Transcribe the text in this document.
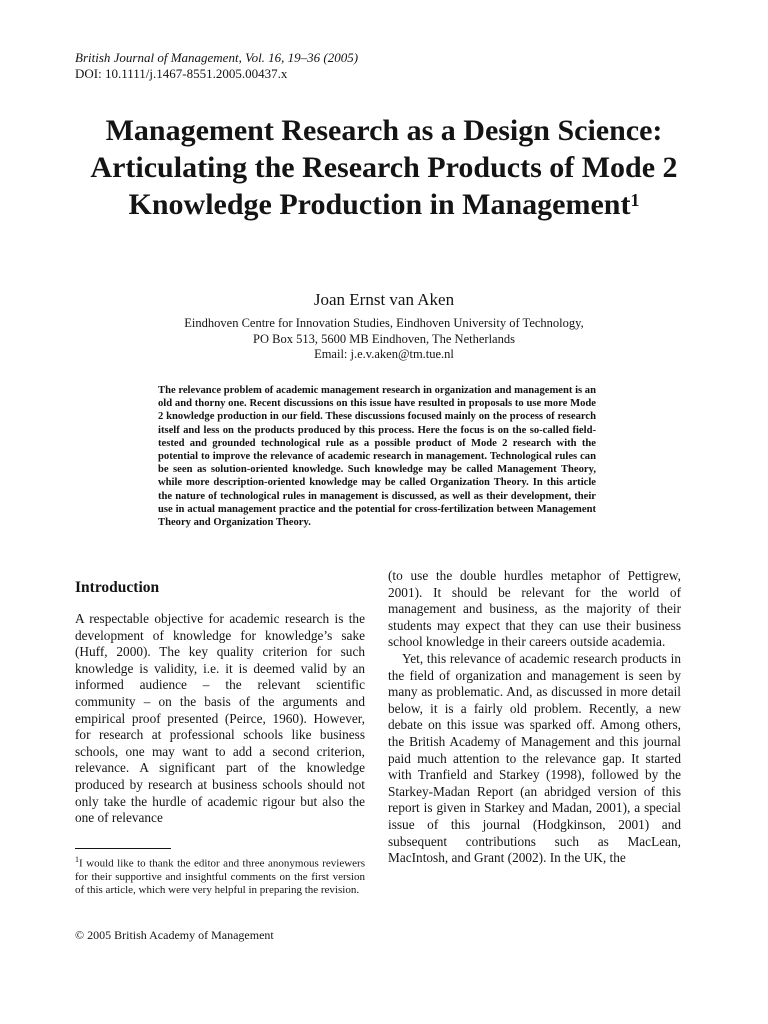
British Journal of Management, Vol. 16, 19–36 (2005)

DOI: 10.1111/j.1467-8551.2005.00437.x

Management Research as a Design Science: Articulating the Research Products of Mode 2 Knowledge Production in Management$^1$

Joan Ernst van Aken

Eindhoven Centre for Innovation Studies, Eindhoven University of Technology,
PO Box 513, 5600 MB Eindhoven, The Netherlands
Email: j.e.v.aken@tm.tue.nl

The relevance problem of academic management research in organization and management is an old and thorny one. Recent discussions on this issue have resulted in proposals to use more Mode 2 knowledge production in our field. These discussions focused mainly on the process of research itself and less on the products produced by this process. Here the focus is on the so-called field-tested and grounded technological rule as a possible product of Mode 2 research with the potential to improve the relevance of academic research in management. Technological rules can be seen as solution-oriented knowledge. Such knowledge may be called Management Theory, while more description-oriented knowledge may be called Organization Theory. In this article the nature of technological rules in management is discussed, as well as their development, their use in actual management practice and the potential for cross-fertilization between Management Theory and Organization Theory.

Introduction

A respectable objective for academic research is the development of knowledge for knowledge’s sake (Huff, 2000). The key quality criterion for such knowledge is validity, i.e. it is deemed valid by an informed audience – the relevant scientific community – on the basis of the arguments and empirical proof presented (Peirce, 1960). However, for research at professional schools like business schools, one may want to add a second criterion, relevance. A significant part of the knowledge produced by research at business schools should not only take the hurdle of academic rigour but also the one of relevance

(to use the double hurdles metaphor of Pettigrew, 2001). It should be relevant for the world of management and business, as the majority of their students may expect that they can use their business school knowledge in their careers outside academia.

Yet, this relevance of academic research products in the field of organization and management is seen by many as problematic. And, as discussed in more detail below, it is a fairly old problem. Recently, a new debate on this issue was sparked off. Among others, the British Academy of Management and this journal paid much attention to the relevance gap. It started with Tranfield and Starkey (1998), followed by the Starkey-Madan Report (an abridged version of this report is given in Starkey and Madan, 2001), a special issue of this journal (Hodgkinson, 2001) and subsequent contributions such as MacLean, MacIntosh, and Grant (2002). In the UK, the

$^1$I would like to thank the editor and three anonymous reviewers for their supportive and insightful comments on the first version of this article, which were very helpful in preparing the revision.

© 2005 British Academy of Management
